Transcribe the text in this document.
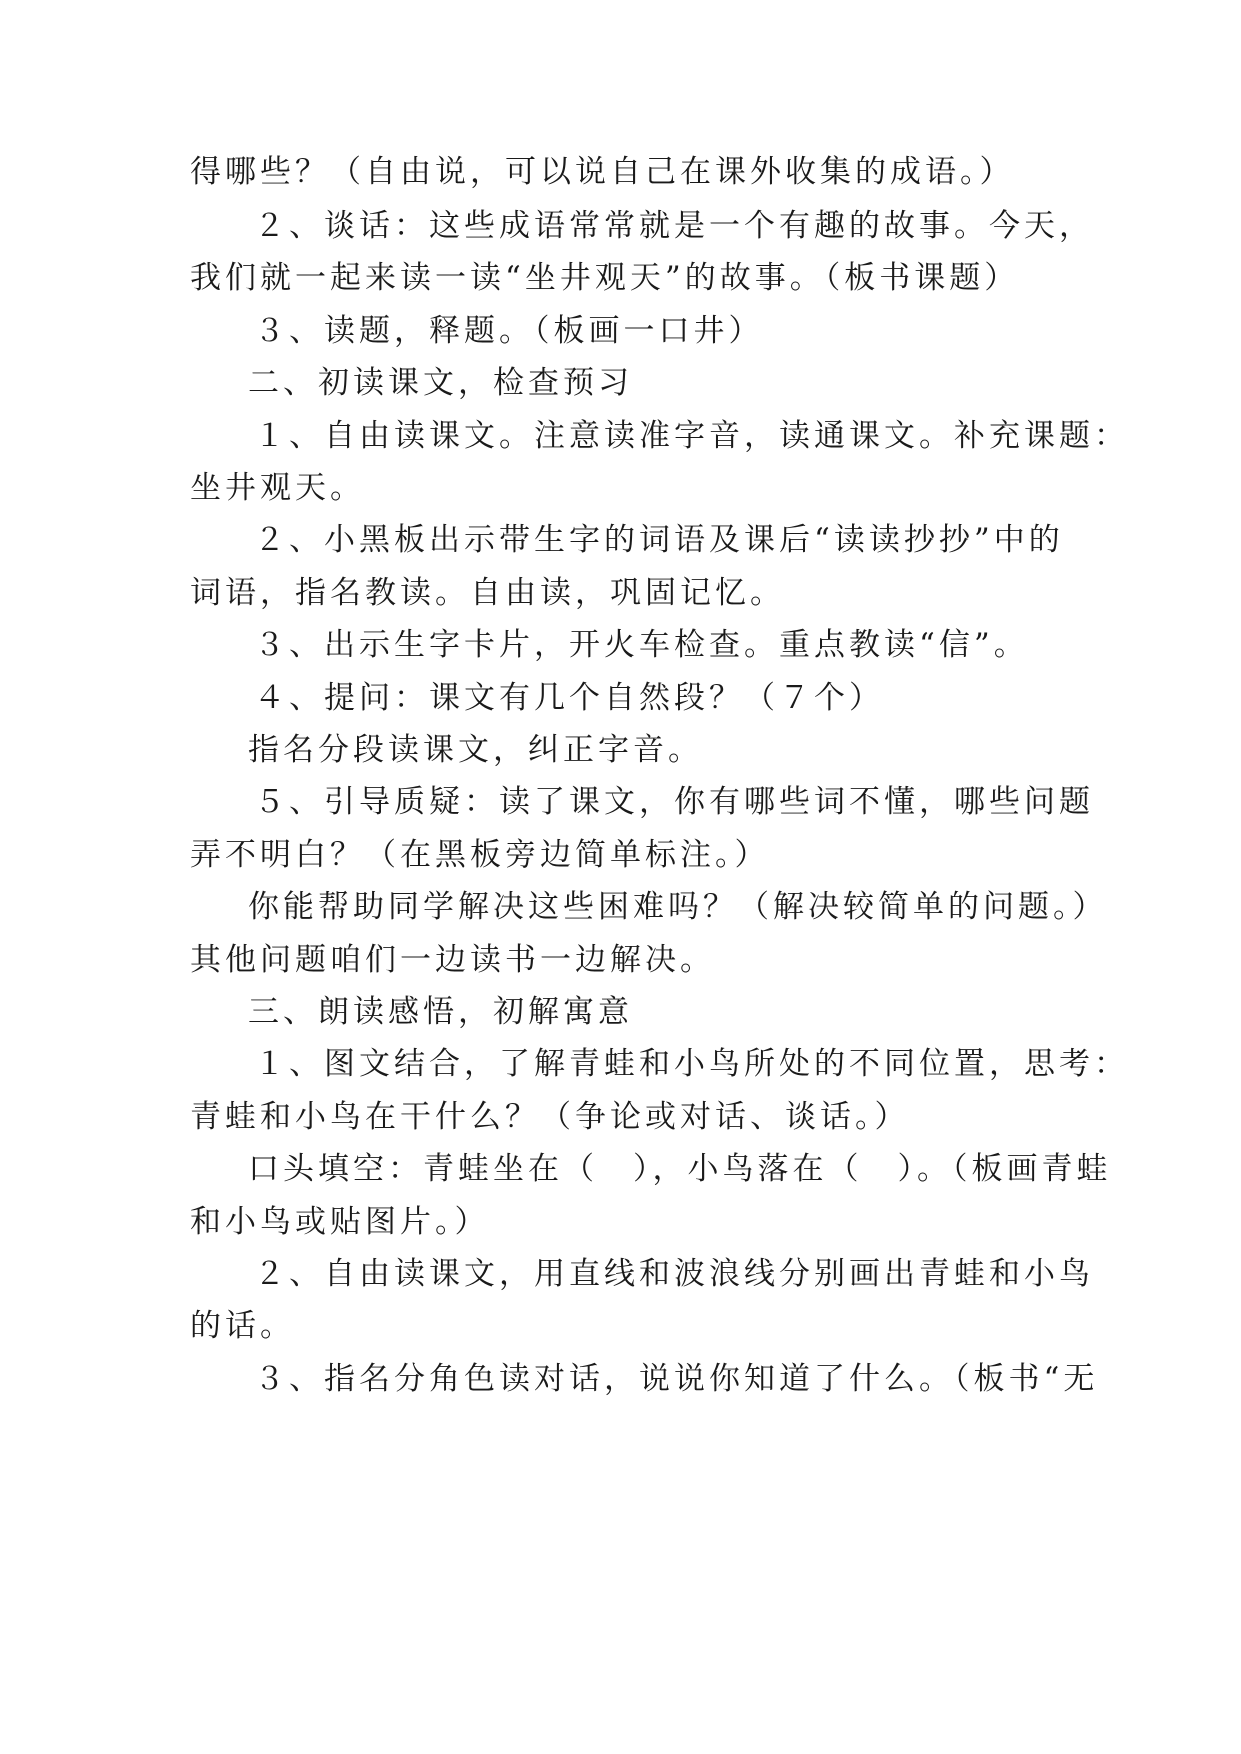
得哪些？（自由说，可以说自己在课外收集的成语。）
２、谈话：这些成语常常就是一个有趣的故事。今天，
我们就一起来读一读“坐井观天”的故事。（板书课题）
３、读题，释题。（板画一口井）
二、初读课文，检查预习
１、自由读课文。注意读准字音，读通课文。补充课题：
坐井观天。
２、小黑板出示带生字的词语及课后“读读抄抄”中的
词语，指名教读。自由读，巩固记忆。
３、出示生字卡片，开火车检查。重点教读“信”。
４、提问：课文有几个自然段？（７个）
指名分段读课文，纠正字音。
５、引导质疑：读了课文，你有哪些词不懂，哪些问题
弄不明白？（在黑板旁边简单标注。）
你能帮助同学解决这些困难吗？（解决较简单的问题。）
其他问题咱们一边读书一边解决。
三、朗读感悟，初解寓意
１、图文结合，了解青蛙和小鸟所处的不同位置，思考：
青蛙和小鸟在干什么？（争论或对话、谈话。）
口头填空：青蛙坐在（　），小鸟落在（　）。（板画青蛙
和小鸟或贴图片。）
２、自由读课文，用直线和波浪线分别画出青蛙和小鸟
的话。
３、指名分角色读对话，说说你知道了什么。（板书“无
